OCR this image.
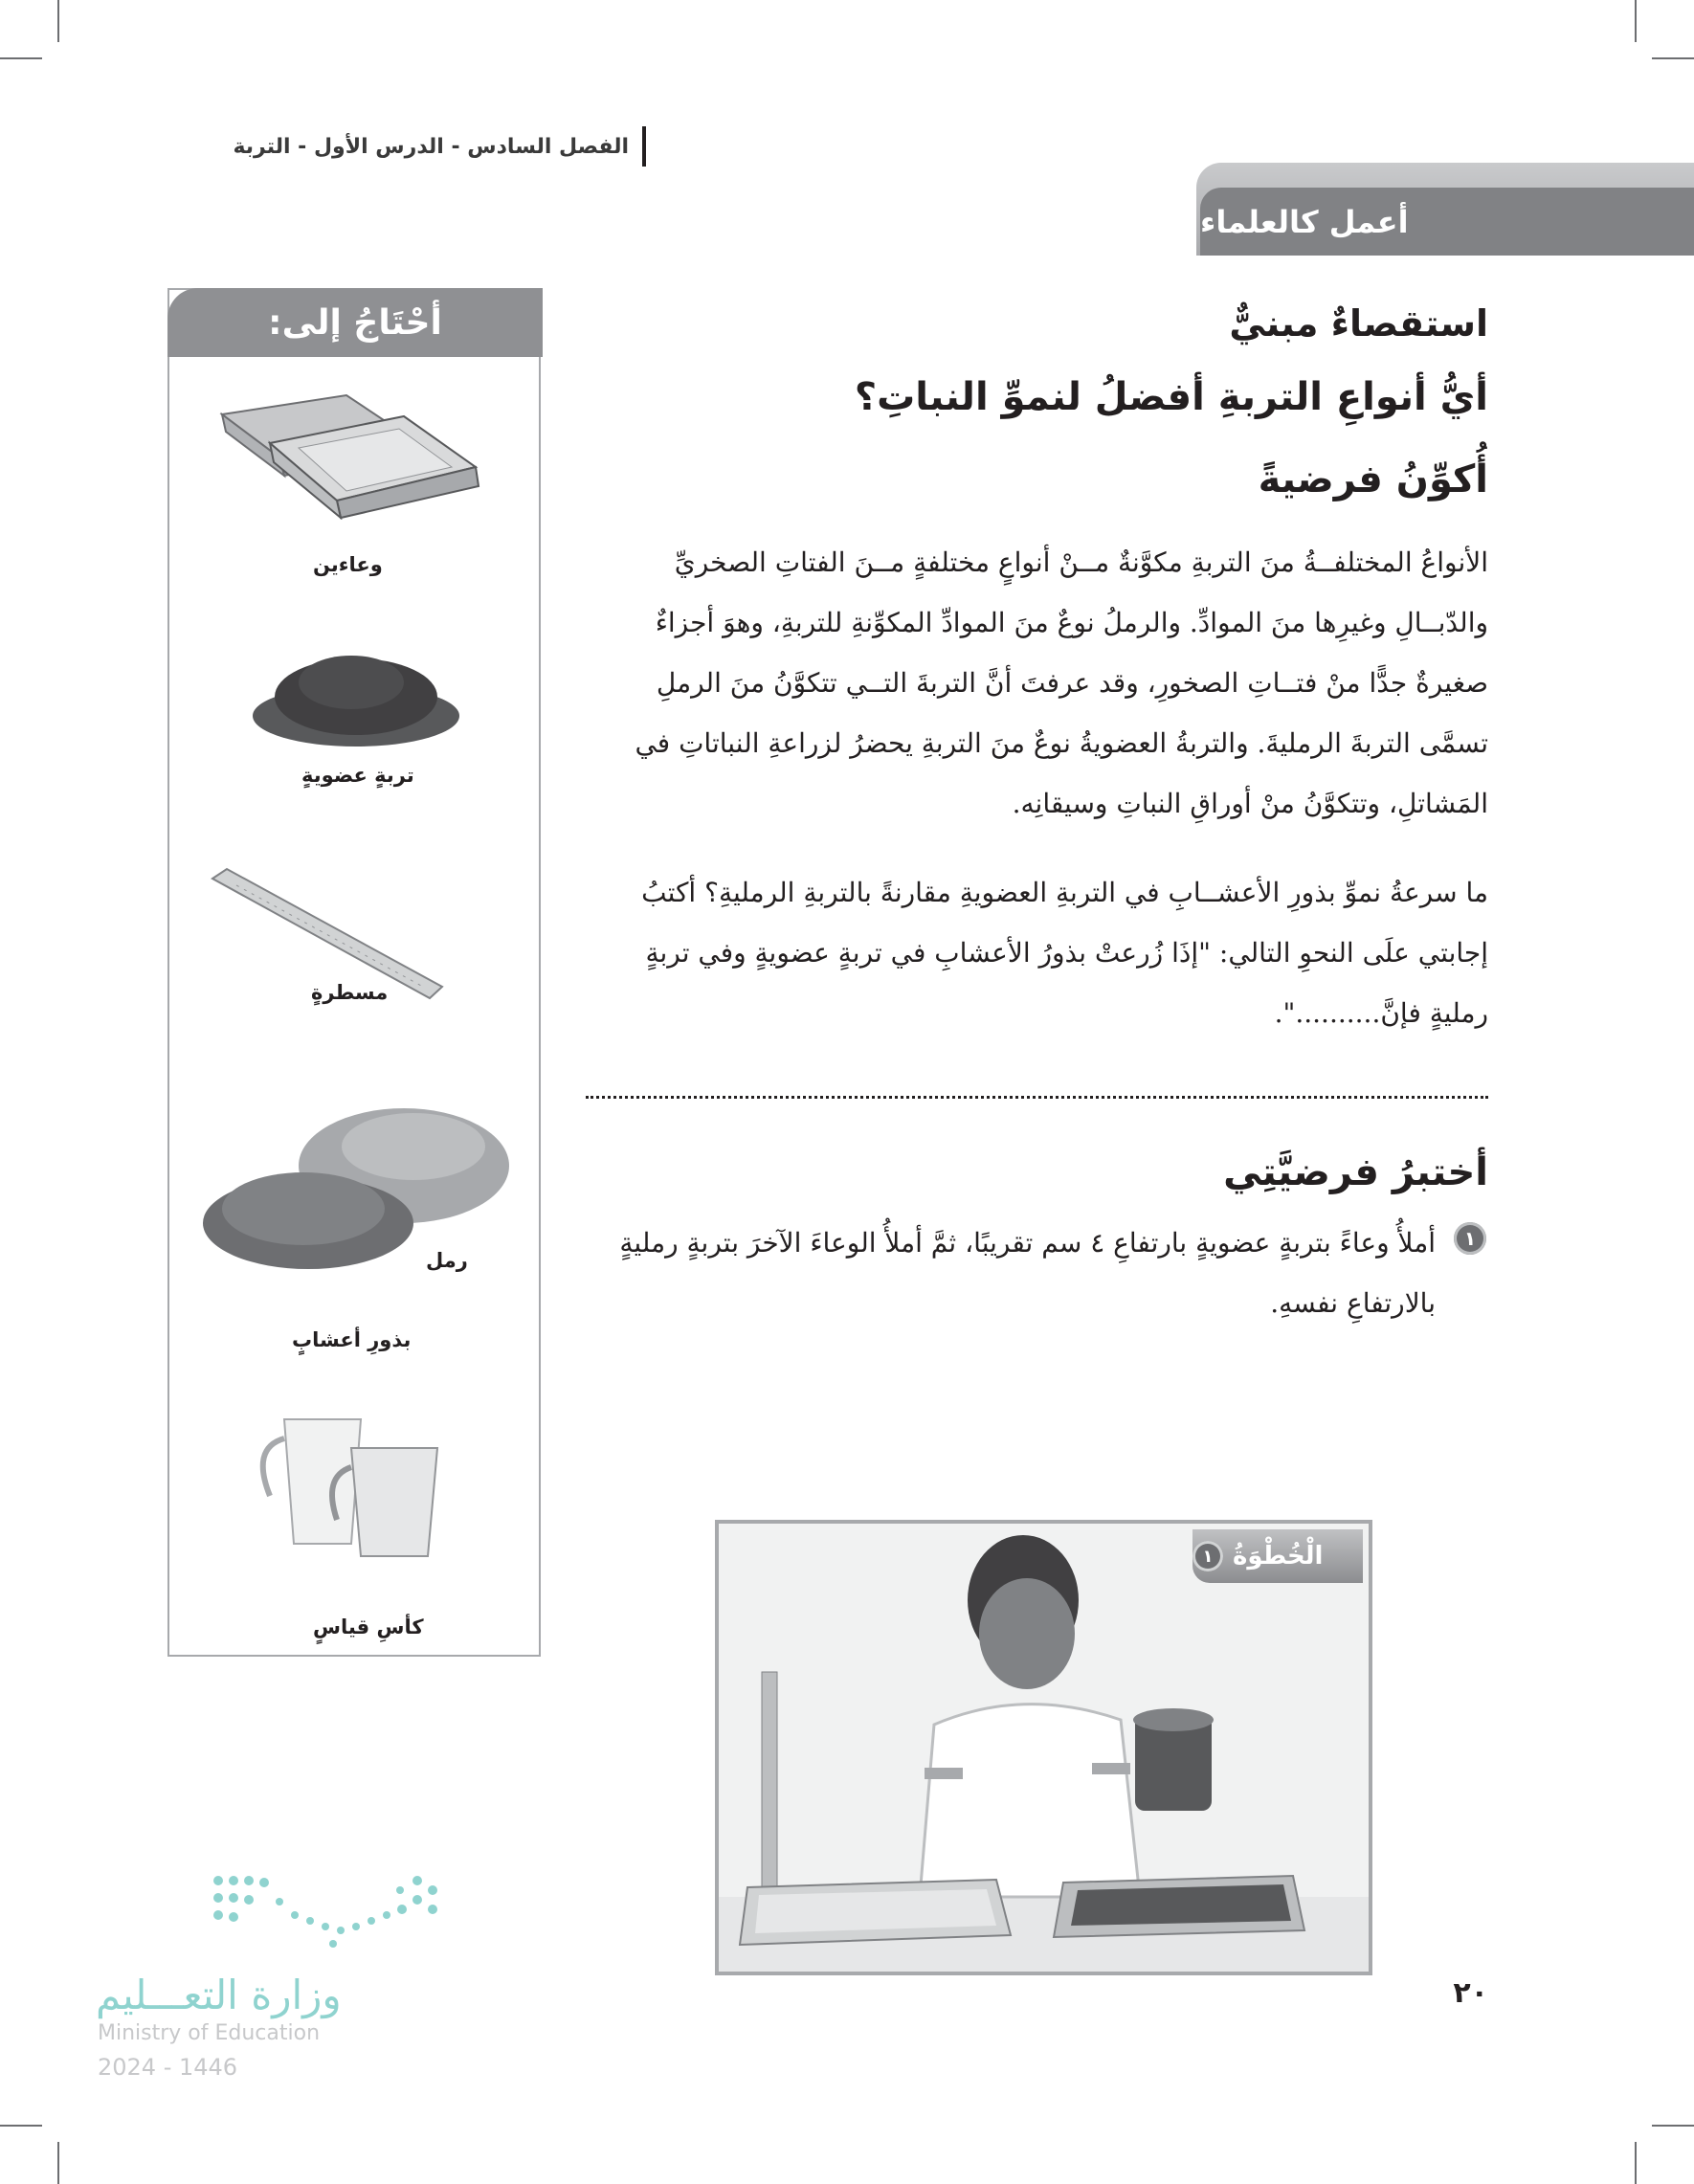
الفصل السادس - الدرس الأول - التربة
أعمل كالعلماء
أحْتَاجُ إلى:
وعاءين
تربةٍ عضويةٍ
مسطرةٍ
رمل
بذورِ أعشابٍ
كأسِ قياسٍ
استقصاءٌ مبنيٌّ
أيُّ أنواعِ التربةِ أفضلُ لنموِّ النباتِ؟
أُكوِّنُ فرضيةً
الأنواعُ المختلفــةُ منَ التربةِ مكوَّنةٌ مــنْ أنواعٍ مختلفةٍ مــنَ الفتاتِ الصخريِّ والدّبــالِ وغيرِها منَ الموادِّ. والرملُ نوعٌ منَ الموادِّ المكوِّنةِ للتربةِ، وهوَ أجزاءٌ صغيرةٌ جدًّا منْ فتــاتِ الصخورِ، وقد عرفتَ أنَّ التربةَ التــي تتكوَّنُ منَ الرملِ تسمَّى التربةَ الرمليةَ. والتربةُ العضويةُ نوعٌ منَ التربةِ يحضرُ لزراعةِ النباتاتِ في المَشاتلِ، وتتكوَّنُ منْ أوراقِ النباتِ وسيقانِه.
ما سرعةُ نموِّ بذورِ الأعشــابِ في التربةِ العضويةِ مقارنةً بالتربةِ الرمليةِ؟ أكتبُ إجابتي علَى النحوِ التالي: "إذَا زُرعتْ بذورُ الأعشابِ في تربةٍ عضويةٍ وفي تربةٍ رمليةٍ فإنَّ..........".
أختبرُ فرضيَّتِي
١
أملأُ وعاءً بتربةٍ عضويةٍ بارتفاعِ ٤ سم تقريبًا، ثمَّ أملأُ الوعاءَ الآخرَ بتربةٍ رمليةٍ بالارتفاعِ نفسهِ.
الْخُطْوَةُ
١
وزارة التعـــليم
Ministry of Education
2024 - 1446
٢٠
